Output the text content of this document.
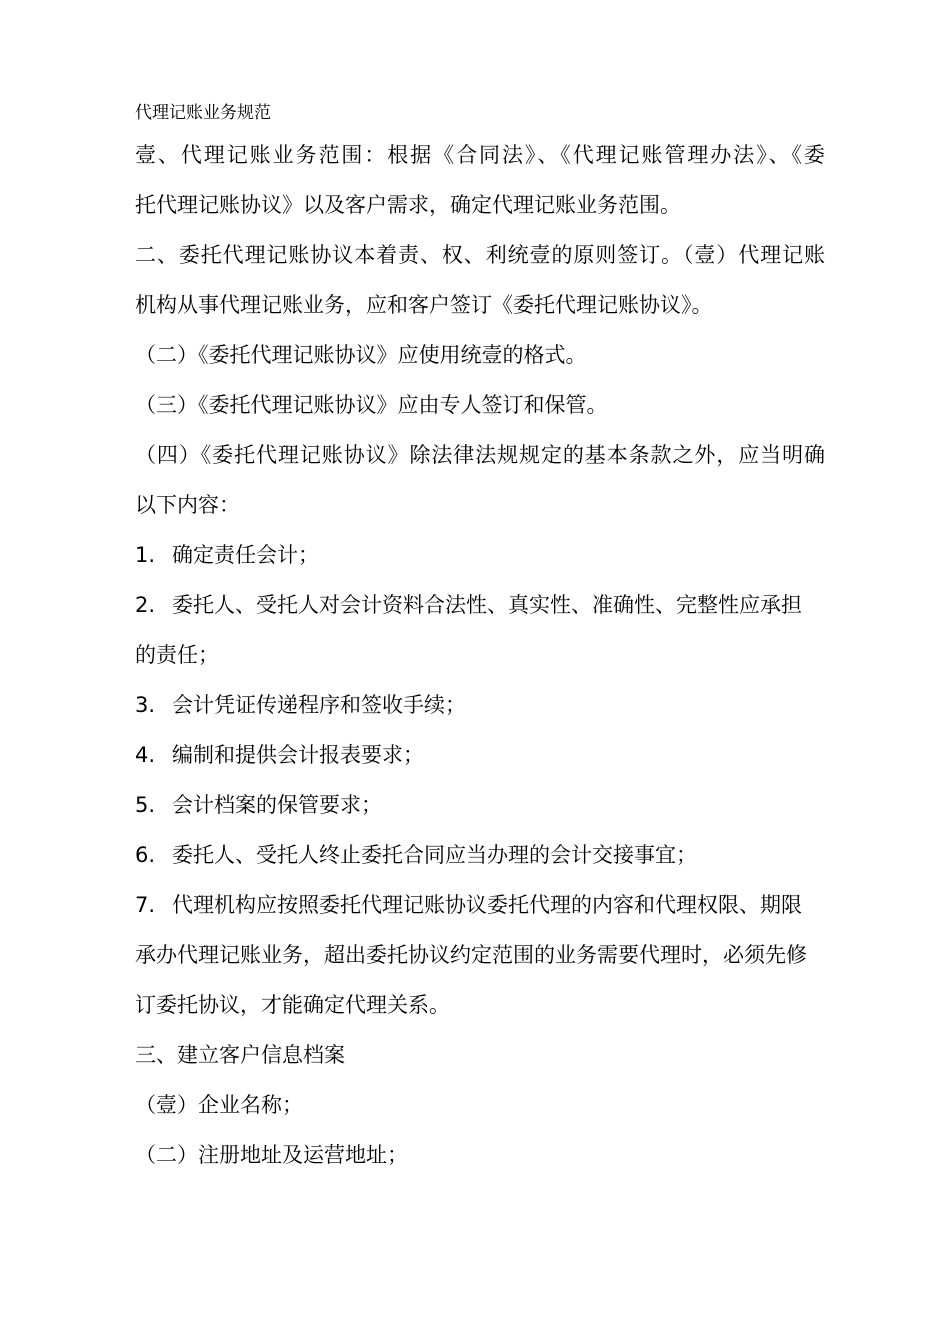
代理记账业务规范
壹、代理记账业务范围：根据《合同法》、《代理记账管理办法》、《委
托代理记账协议》以及客户需求，确定代理记账业务范围。
二、委托代理记账协议本着责、权、利统壹的原则签订。（壹）代理记账
机构从事代理记账业务，应和客户签订《委托代理记账协议》。
（二）《委托代理记账协议》应使用统壹的格式。
（三）《委托代理记账协议》应由专人签订和保管。
（四）《委托代理记账协议》除法律法规规定的基本条款之外，应当明确
以下内容：
1. 确定责任会计；
2. 委托人、受托人对会计资料合法性、真实性、准确性、完整性应承担
的责任；
3. 会计凭证传递程序和签收手续；
4. 编制和提供会计报表要求；
5. 会计档案的保管要求；
6. 委托人、受托人终止委托合同应当办理的会计交接事宜；
7. 代理机构应按照委托代理记账协议委托代理的内容和代理权限、期限
承办代理记账业务，超出委托协议约定范围的业务需要代理时，必须先修
订委托协议，才能确定代理关系。
三、建立客户信息档案
（壹）企业名称；
（二）注册地址及运营地址；
